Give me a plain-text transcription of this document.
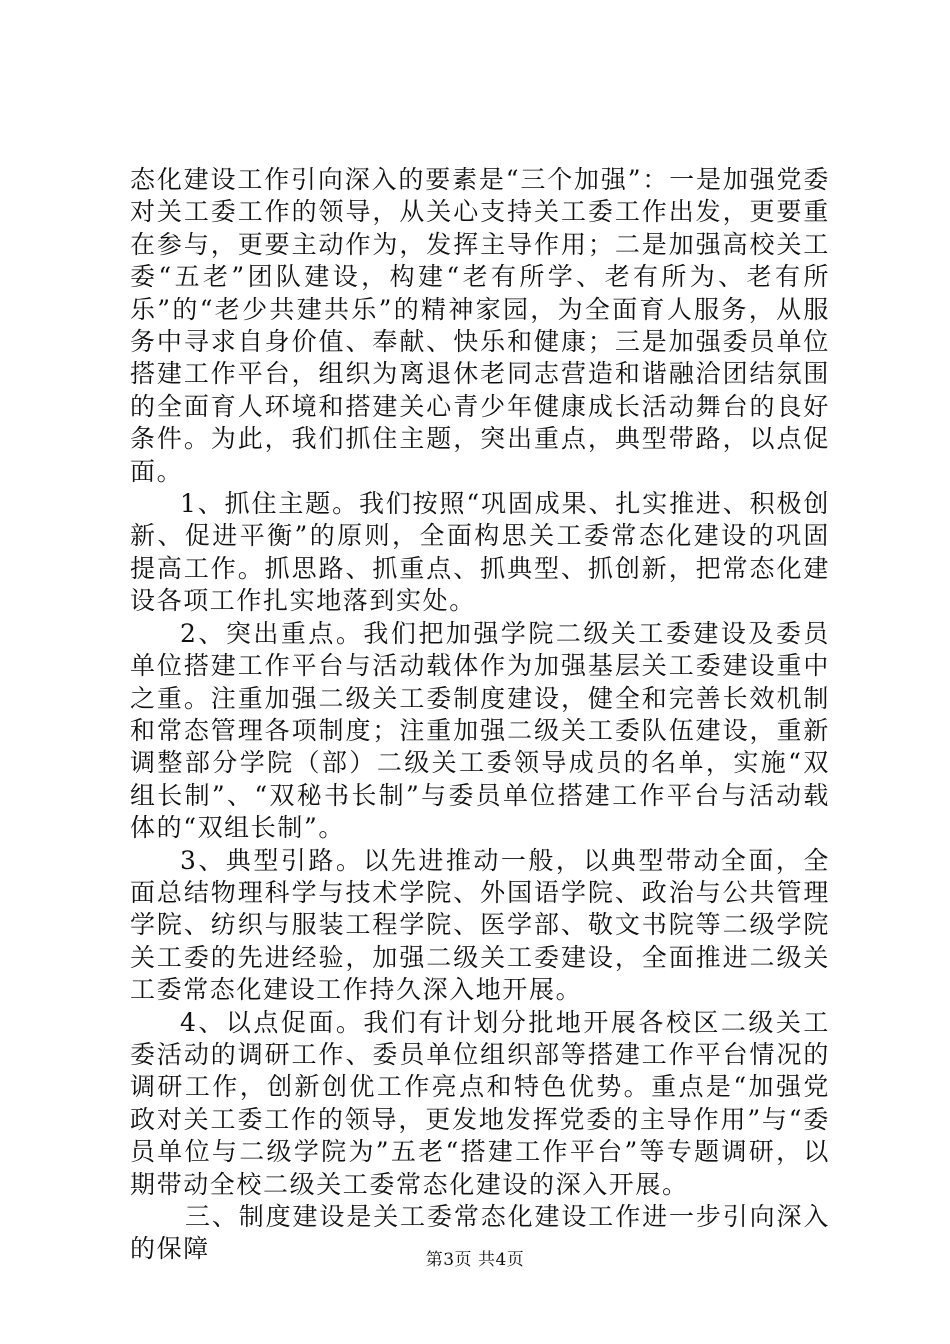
态化建设工作引向深入的要素是“三个加强”：一是加强党委对关工委工作的领导，从关心支持关工委工作出发，更要重在参与，更要主动作为，发挥主导作用；二是加强高校关工委“五老”团队建设，构建“老有所学、老有所为、老有所乐”的“老少共建共乐”的精神家园，为全面育人服务，从服务中寻求自身价值、奉献、快乐和健康；三是加强委员单位搭建工作平台，组织为离退休老同志营造和谐融洽团结氛围的全面育人环境和搭建关心青少年健康成长活动舞台的良好条件。为此，我们抓住主题，突出重点，典型带路，以点促面。

1、抓住主题。我们按照“巩固成果、扎实推进、积极创新、促进平衡”的原则，全面构思关工委常态化建设的巩固提高工作。抓思路、抓重点、抓典型、抓创新，把常态化建设各项工作扎实地落到实处。

2、突出重点。我们把加强学院二级关工委建设及委员单位搭建工作平台与活动载体作为加强基层关工委建设重中之重。注重加强二级关工委制度建设，健全和完善长效机制和常态管理各项制度；注重加强二级关工委队伍建设，重新调整部分学院（部）二级关工委领导成员的名单，实施“双组长制”、“双秘书长制”与委员单位搭建工作平台与活动载体的“双组长制”。

3、典型引路。以先进推动一般，以典型带动全面，全面总结物理科学与技术学院、外国语学院、政治与公共管理学院、纺织与服装工程学院、医学部、敬文书院等二级学院关工委的先进经验，加强二级关工委建设，全面推进二级关工委常态化建设工作持久深入地开展。

4、以点促面。我们有计划分批地开展各校区二级关工委活动的调研工作、委员单位组织部等搭建工作平台情况的调研工作，创新创优工作亮点和特色优势。重点是“加强党政对关工委工作的领导，更发地发挥党委的主导作用”与“委员单位与二级学院为”五老“搭建工作平台”等专题调研，以期带动全校二级关工委常态化建设的深入开展。

三、制度建设是关工委常态化建设工作进一步引向深入的保障	第3页 共4页
